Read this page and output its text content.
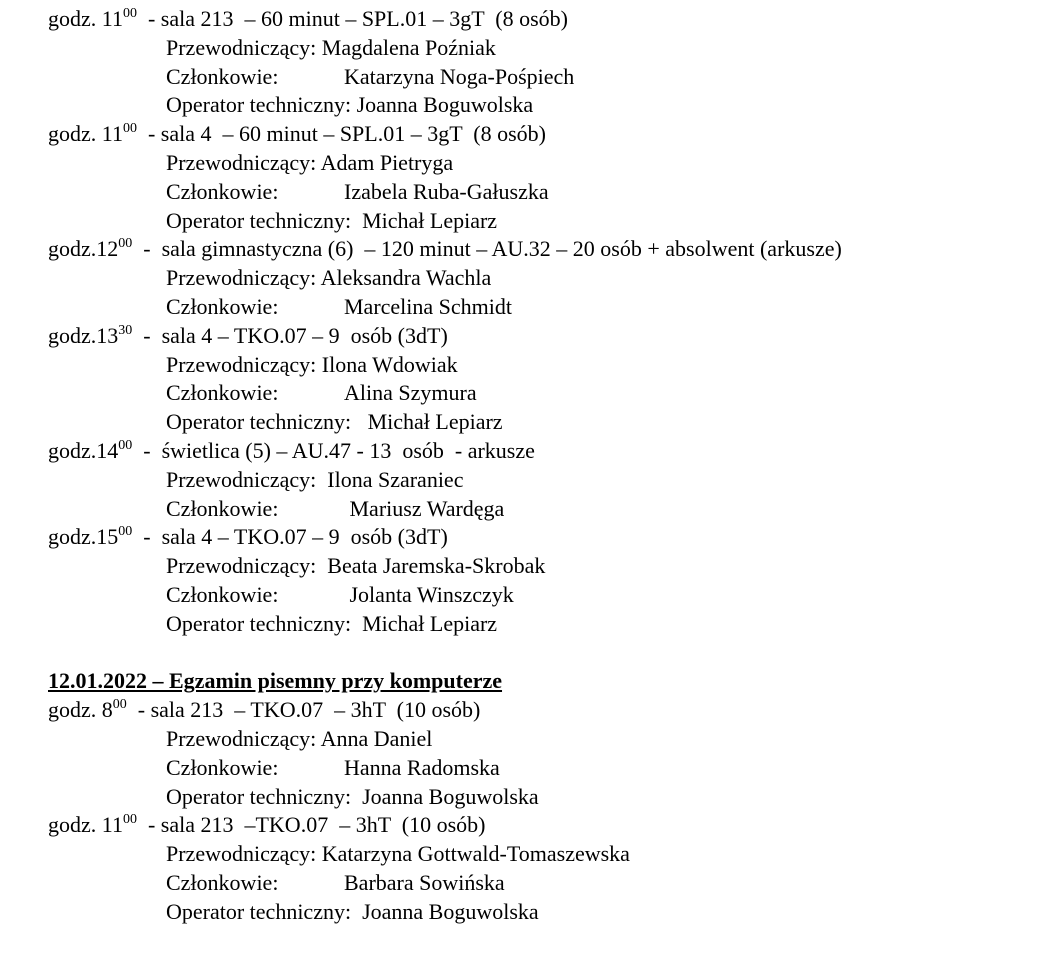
godz. $11^{00}$  - sala 213  – 60 minut – SPL.01 – 3gT  (8 osób)
Przewodniczący: Magdalena Poźniak
Członkowie:	Katarzyna Noga-Pośpiech
Operator techniczny: Joanna Boguwolska
godz. $11^{00}$  - sala 4  – 60 minut – SPL.01 – 3gT  (8 osób)
Przewodniczący: Adam Pietryga
Członkowie:	Izabela Ruba-Gałuszka
Operator techniczny:  Michał Lepiarz
$godz.12^{00}$  -  sala gimnastyczna (6)  – 120 minut – AU.32 – 20 osób + absolwent (arkusze)
Przewodniczący: Aleksandra Wachla
Członkowie:	Marcelina Schmidt
$godz.13^{30}$  -  sala 4 – TKO.07 – 9  osób (3dT)
Przewodniczący: Ilona Wdowiak
Członkowie:	Alina Szymura
Operator techniczny:   Michał Lepiarz
$godz.14^{00}$  -  świetlica (5) – AU.47 - 13  osób  - arkusze
Przewodniczący:  Ilona Szaraniec
Członkowie:	Mariusz Wardęga
$godz.15^{00}$  -  sala 4 – TKO.07 – 9  osób (3dT)
Przewodniczący:  Beata Jaremska-Skrobak
Członkowie:	Jolanta Winszczyk
Operator techniczny:  Michał Lepiarz
12.01.2022 – Egzamin pisemny przy komputerze
godz. $8^{00}$  - sala 213  – TKO.07  – 3hT  (10 osób)
Przewodniczący: Anna Daniel
Członkowie:	Hanna Radomska
Operator techniczny:  Joanna Boguwolska
godz. $11^{00}$  - sala 213  –TKO.07  – 3hT  (10 osób)
Przewodniczący: Katarzyna Gottwald-Tomaszewska
Członkowie:	Barbara Sowińska
Operator techniczny:  Joanna Boguwolska
